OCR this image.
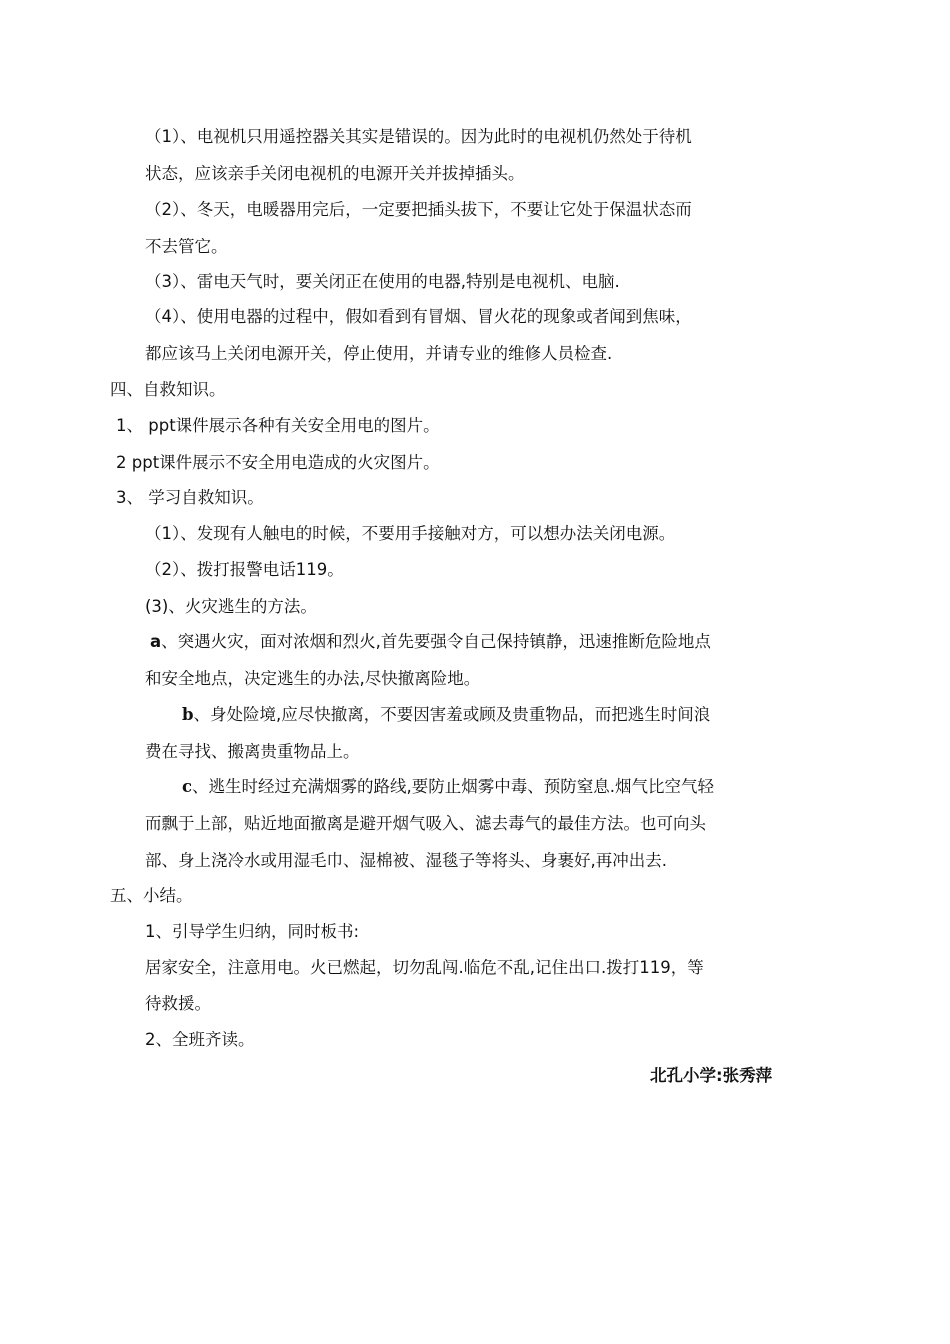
（1）、电视机只用遥控器关其实是错误的。因为此时的电视机仍然处于待机
状态，应该亲手关闭电视机的电源开关并拔掉插头。
（2）、冬天，电暖器用完后，一定要把插头拔下，不要让它处于保温状态而
不去管它。
（3）、雷电天气时，要关闭正在使用的电器,特别是电视机、电脑.
（4）、使用电器的过程中，假如看到有冒烟、冒火花的现象或者闻到焦味，
都应该马上关闭电源开关，停止使用，并请专业的维修人员检查.
四、自救知识。
1、 ppt课件展示各种有关安全用电的图片。
2 ppt课件展示不安全用电造成的火灾图片。
3、 学习自救知识。
（1）、发现有人触电的时候，不要用手接触对方，可以想办法关闭电源。
（2）、拨打报警电话119。
(3)、火灾逃生的方法。
a、突遇火灾，面对浓烟和烈火,首先要强令自己保持镇静，迅速推断危险地点
和安全地点，决定逃生的办法,尽快撤离险地。
b、身处险境,应尽快撤离，不要因害羞或顾及贵重物品，而把逃生时间浪
费在寻找、搬离贵重物品上。
c、逃生时经过充满烟雾的路线,要防止烟雾中毒、预防窒息.烟气比空气轻
而飘于上部，贴近地面撤离是避开烟气吸入、滤去毒气的最佳方法。也可向头
部、身上浇冷水或用湿毛巾、湿棉被、湿毯子等将头、身裹好,再冲出去.
五、小结。
1、引导学生归纳，同时板书:
居家安全，注意用电。火已燃起，切勿乱闯.临危不乱,记住出口.拨打119，等
待救援。
2、全班齐读。
北孔小学:张秀萍
